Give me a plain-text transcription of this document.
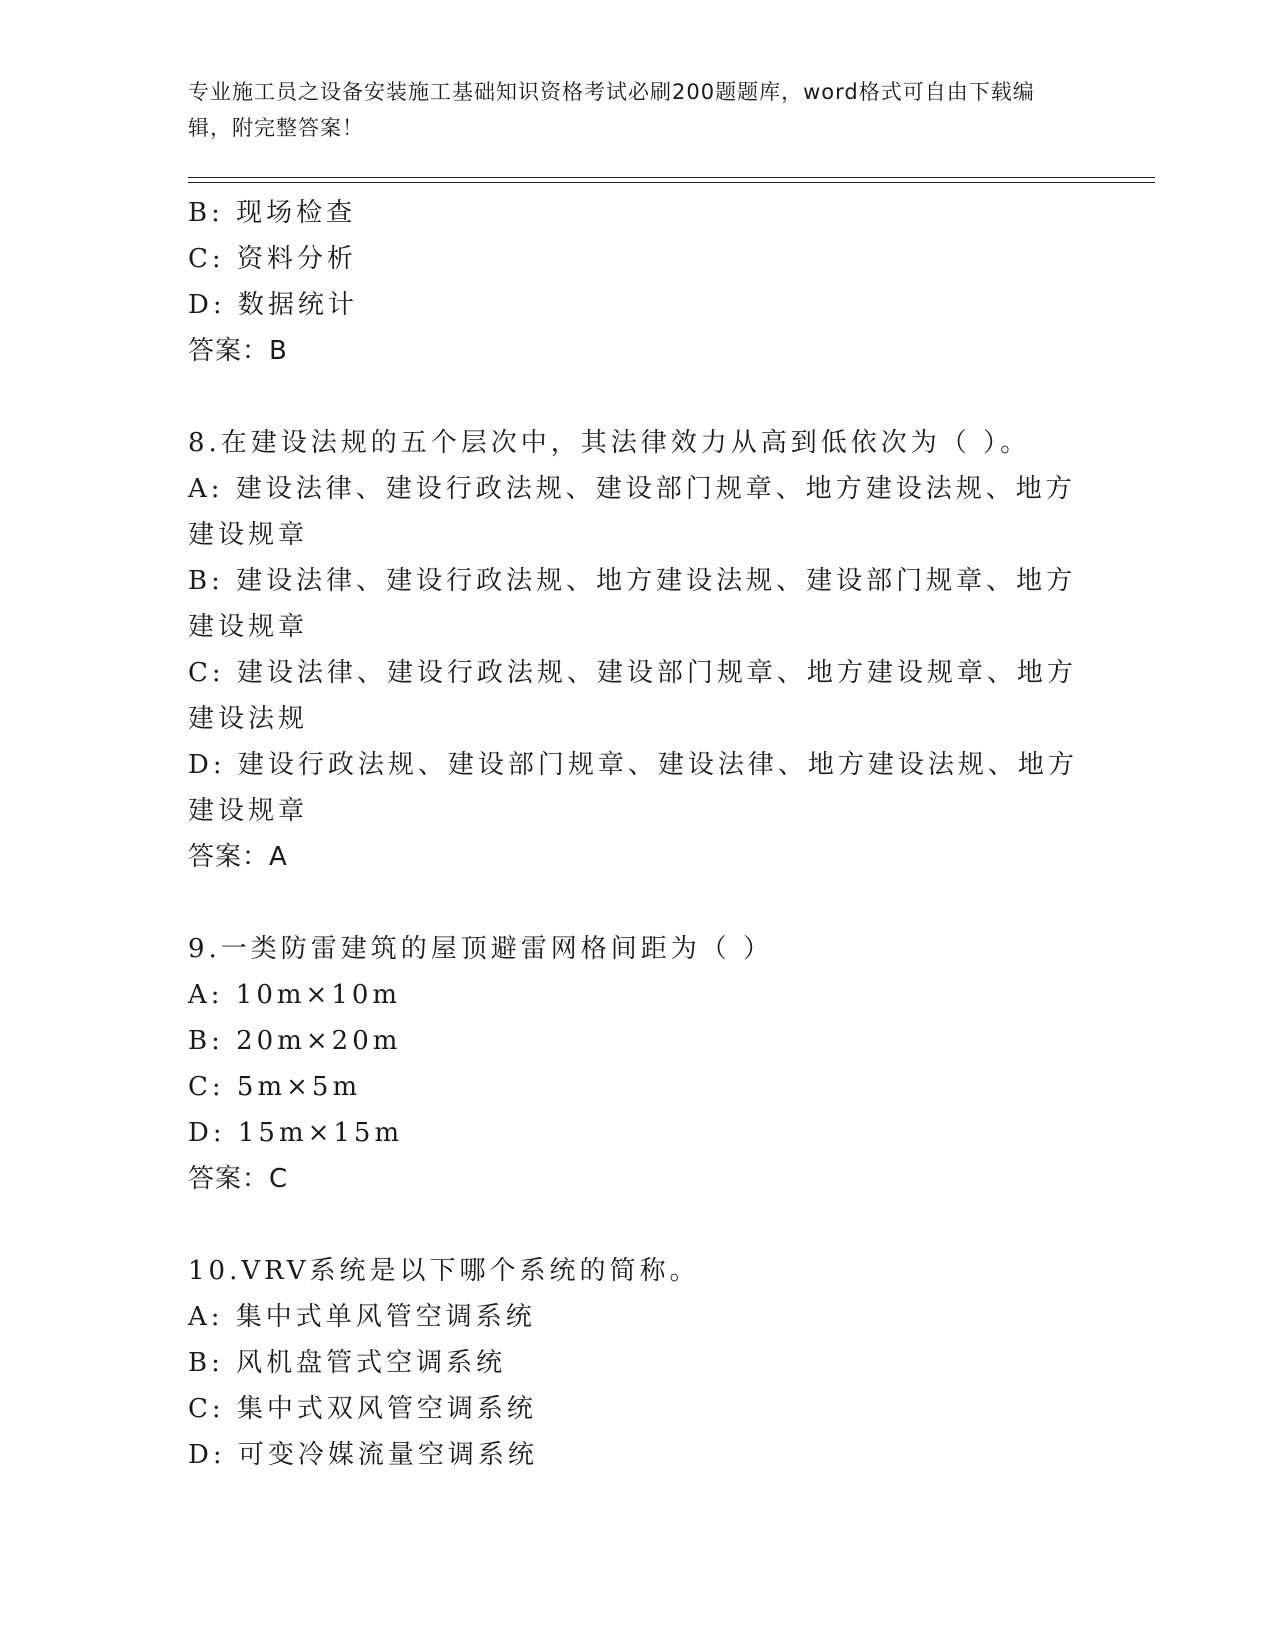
专业施工员之设备安装施工基础知识资格考试必刷200题题库，word格式可自由下载编辑，附完整答案！
B: 现场检查
C: 资料分析
D: 数据统计
答案：B
8.在建设法规的五个层次中，其法律效力从高到低依次为（ ）。
A: 建设法律、建设行政法规、建设部门规章、地方建设法规、地方建设规章
B: 建设法律、建设行政法规、地方建设法规、建设部门规章、地方建设规章
C: 建设法律、建设行政法规、建设部门规章、地方建设规章、地方建设法规
D: 建设行政法规、建设部门规章、建设法律、地方建设法规、地方建设规章
答案：A
9.一类防雷建筑的屋顶避雷网格间距为（ ）
A: 10m×10m
B: 20m×20m
C: 5m×5m
D: 15m×15m
答案：C
10.VRV系统是以下哪个系统的简称。
A: 集中式单风管空调系统
B: 风机盘管式空调系统
C: 集中式双风管空调系统
D: 可变冷媒流量空调系统
